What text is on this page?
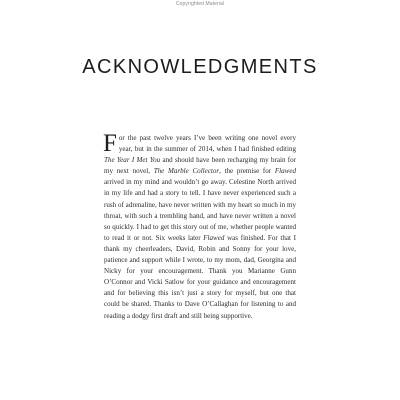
Copyrighted Material
·ACKNOWLEDGMENTS·

For the past twelve years I’ve been writing one novel every year, but in the summer of 2014, when I had finished editing The Year I Met You and should have been recharging my brain for my next novel, The Marble Collector, the premise for Flawed arrived in my mind and wouldn’t go away. Celestine North arrived in my life and had a story to tell. I have never experienced such a rush of adrenaline, have never written with my heart so much in my throat, with such a trembling hand, and have never written a novel so quickly. I had to get this story out of me, whether people wanted to read it or not. Six weeks later Flawed was finished. For that I thank my cheerleaders, David, Robin and Sonny for your love, patience and support while I wrote, to my mom, dad, Georgina and Nicky for your encouragement. Thank you Marianne Gunn O’Connor and Vicki Satlow for your guidance and encouragement and for believing this isn’t just a story for myself, but one that could be shared. Thanks to Dave O’Callaghan for listening to and reading a dodgy first draft and still being supportive.
